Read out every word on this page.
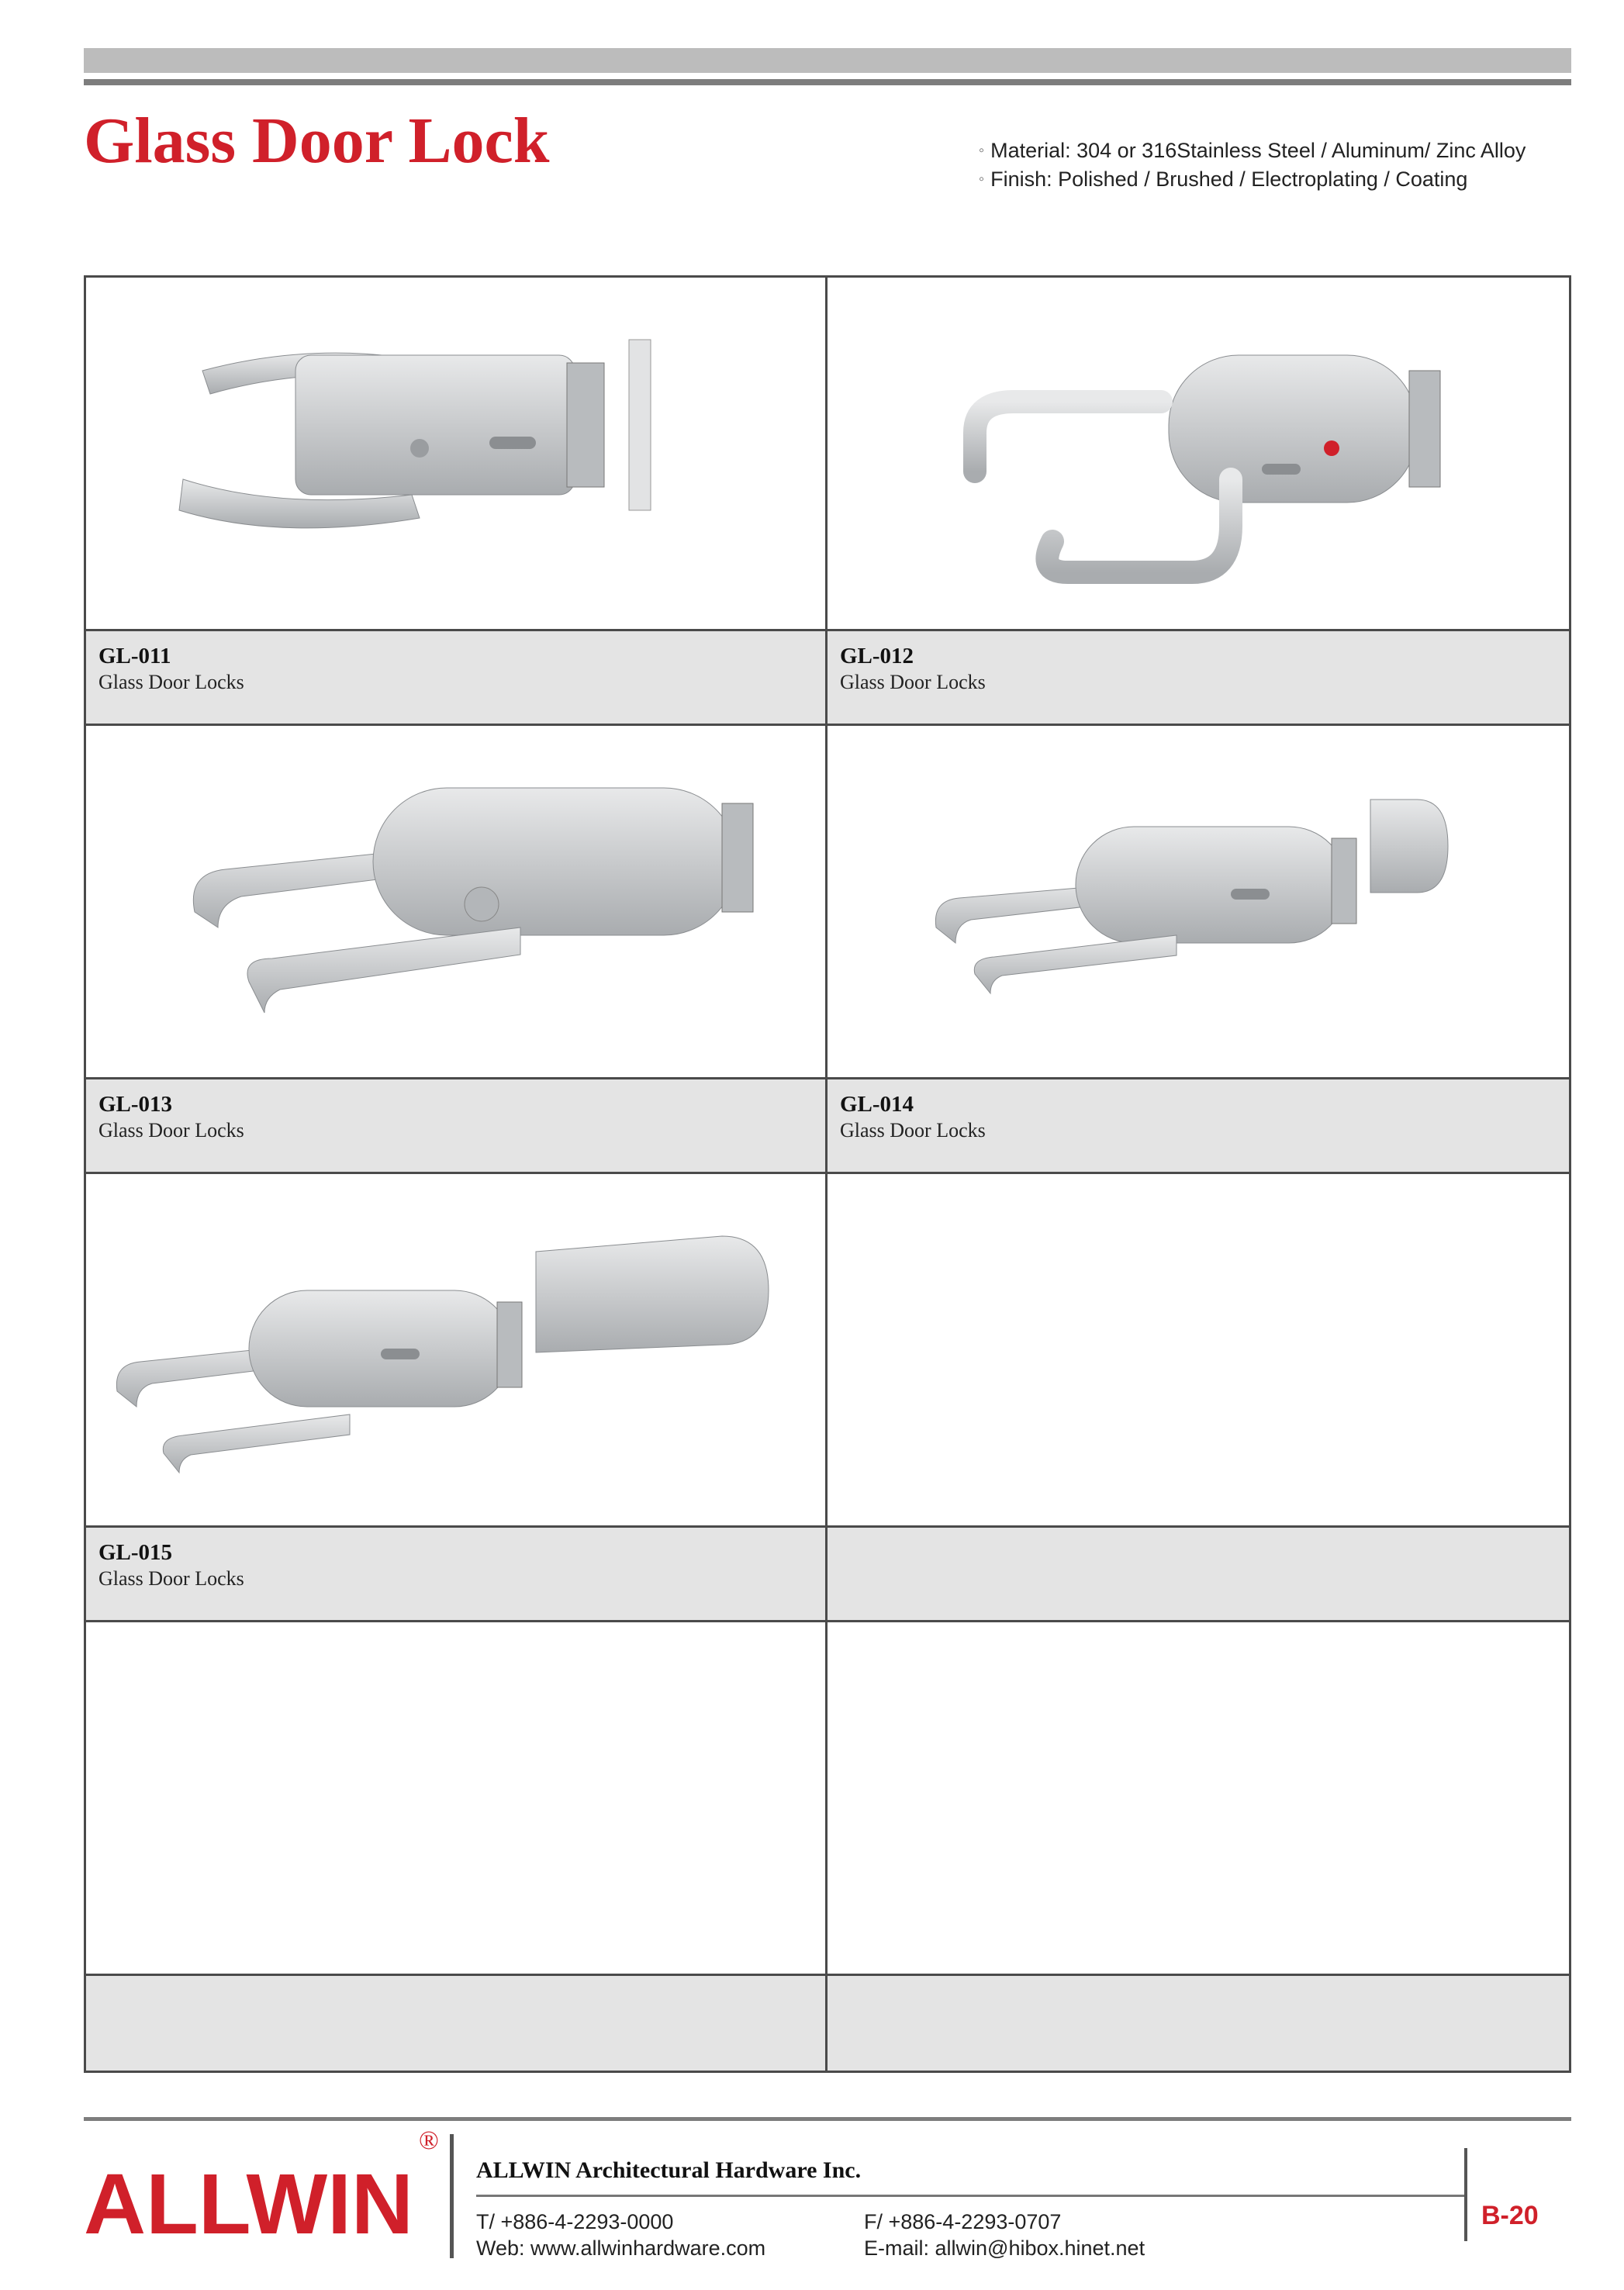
Glass Door Lock	◦ Material: 304 or 316Stainless Steel / Aluminum/ Zinc Alloy
◦ Finish: Polished / Brushed / Electroplating / Coating
GL-011
Glass Door Locks
GL-012
Glass Door Locks
GL-013
Glass Door Locks
GL-014
Glass Door Locks
GL-015
Glass Door Locks
ALLWIN
®
ALLWIN Architectural Hardware Inc.
T/ +886-4-2293-0000
Web: www.allwinhardware.com
F/ +886-4-2293-0707
E-mail: allwin@hibox.hinet.net
B-20
